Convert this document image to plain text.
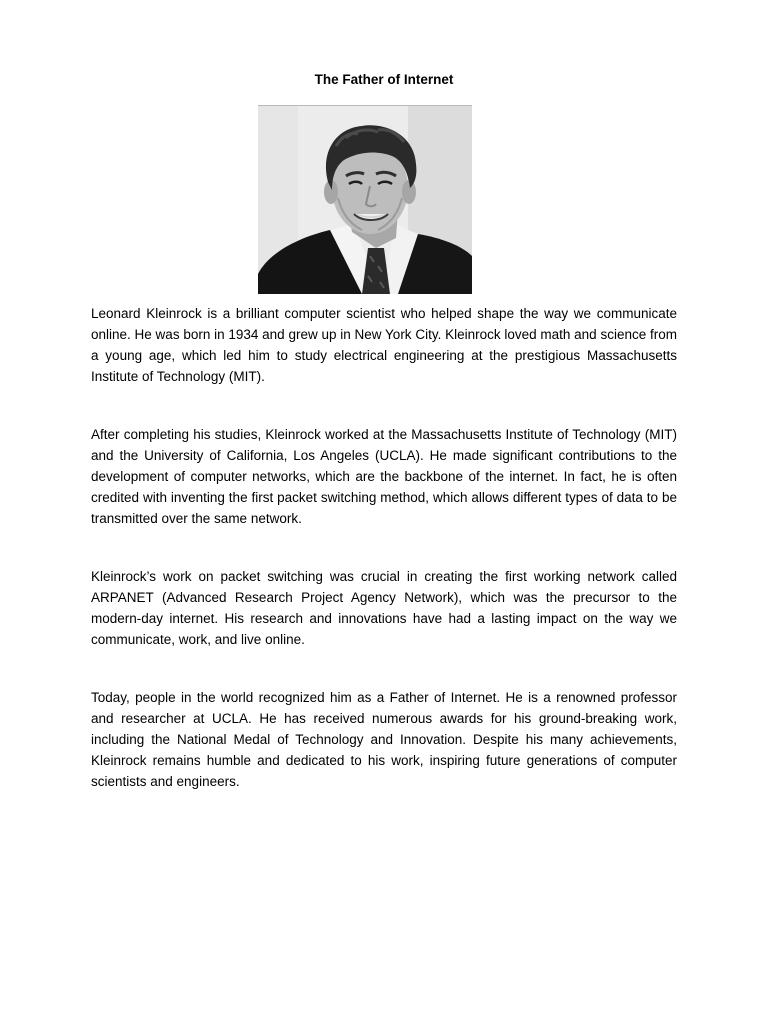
The Father of Internet

Leonard Kleinrock is a brilliant computer scientist who helped shape the way we communicate online. He was born in 1934 and grew up in New York City. Kleinrock loved math and science from a young age, which led him to study electrical engineering at the prestigious Massachusetts Institute of Technology (MIT).

After completing his studies, Kleinrock worked at the Massachusetts Institute of Technology (MIT) and the University of California, Los Angeles (UCLA). He made significant contributions to the development of computer networks, which are the backbone of the internet. In fact, he is often credited with inventing the first packet switching method, which allows different types of data to be transmitted over the same network.

Kleinrock’s work on packet switching was crucial in creating the first working network called ARPANET (Advanced Research Project Agency Network), which was the precursor to the modern-day internet. His research and innovations have had a lasting impact on the way we communicate, work, and live online.

Today, people in the world recognized him as a Father of Internet. He is a renowned professor and researcher at UCLA. He has received numerous awards for his ground-breaking work, including the National Medal of Technology and Innovation. Despite his many achievements, Kleinrock remains humble and dedicated to his work, inspiring future generations of computer scientists and engineers.
